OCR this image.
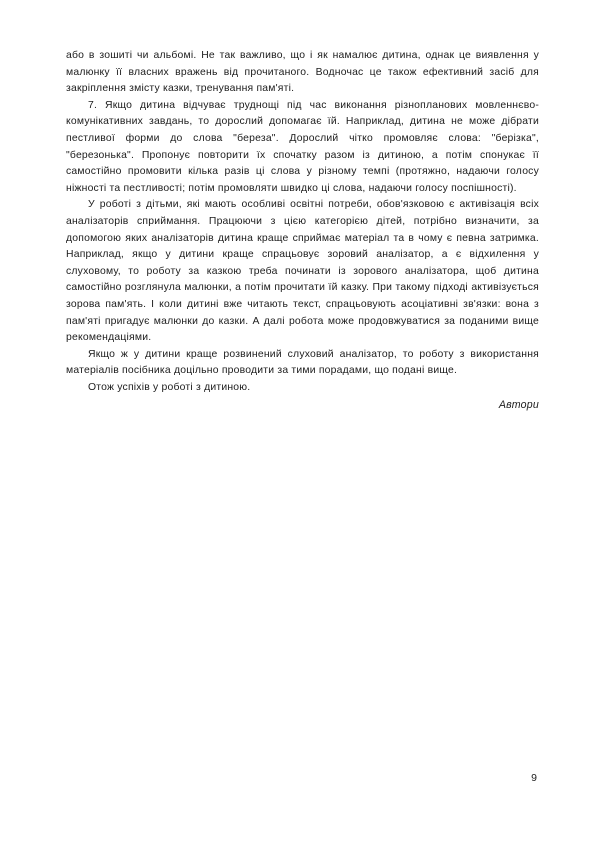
або в зошиті чи альбомі. Не так важливо, що і як намалює дитина, однак це виявлення у малюнку її власних вражень від прочитаного. Водночас це також ефективний засіб для закріплення змісту казки, тренування пам'яті.

7. Якщо дитина відчуває труднощі під час виконання різнопланових мовленнєво-комунікативних завдань, то дорослий допомагає їй. Наприклад, дитина не може дібрати пестливої форми до слова "береза". Дорослий чітко промовляє слова: "берізка", "березонька". Пропонує повторити їх спочатку разом із дитиною, а потім спонукає її самостійно промовити кілька разів ці слова у різному темпі (протяжно, надаючи голосу ніжності та пестливості; потім промовляти швидко ці слова, надаючи голосу поспішності).

У роботі з дітьми, які мають особливі освітні потреби, обов'язковою є активізація всіх аналізаторів сприймання. Працюючи з цією категорією дітей, потрібно визначити, за допомогою яких аналізаторів дитина краще сприймає матеріал та в чому є певна затримка. Наприклад, якщо у дитини краще спрацьовує зоровий аналізатор, а є відхилення у слуховому, то роботу за казкою треба починати із зорового аналізатора, щоб дитина самостійно розглянула малюнки, а потім прочитати їй казку. При такому підході активізується зорова пам'ять. І коли дитині вже читають текст, спрацьовують асоціативні зв'язки: вона з пам'яті пригадує малюнки до казки. А далі робота може продовжуватися за поданими вище рекомендаціями.

Якщо ж у дитини краще розвинений слуховий аналізатор, то роботу з використання матеріалів посібника доцільно проводити за тими порадами, що подані вище.

Отож успіхів у роботі з дитиною.

Автори
9
